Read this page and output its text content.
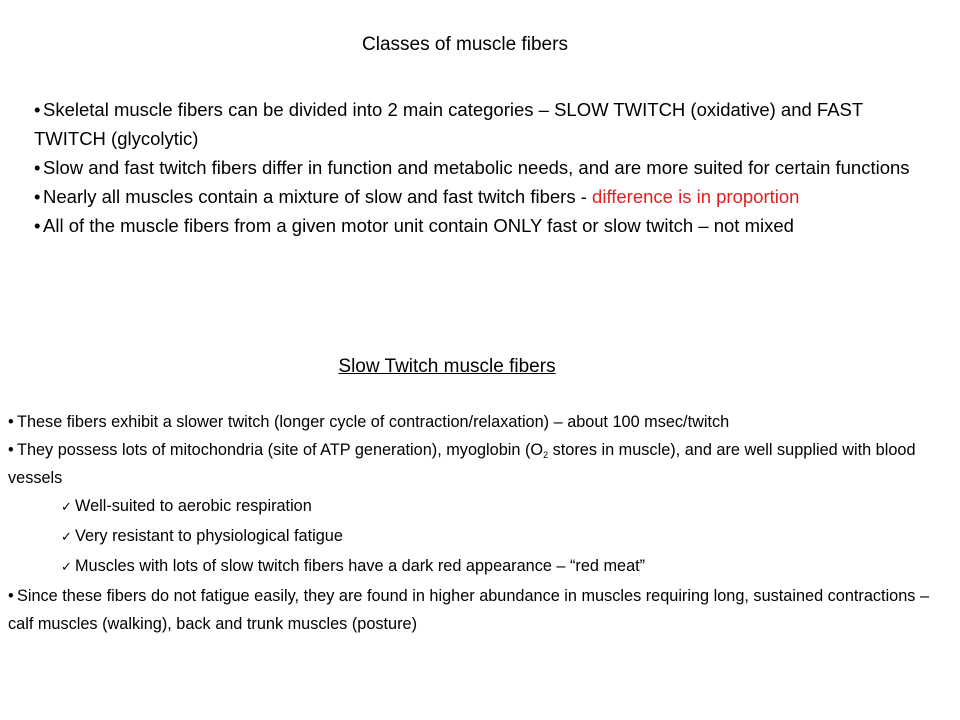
Classes of muscle fibers
• Skeletal muscle fibers can be divided into 2 main categories – SLOW TWITCH (oxidative) and FAST TWITCH (glycolytic)
• Slow and fast twitch fibers differ in function and metabolic needs, and are more suited for certain functions
• Nearly all muscles contain a mixture of slow and fast twitch fibers - difference is in proportion
• All of the muscle fibers from a given motor unit contain ONLY fast or slow twitch – not mixed
Slow Twitch muscle fibers
• These fibers exhibit a slower twitch (longer cycle of contraction/relaxation) – about 100 msec/twitch
• They possess lots of mitochondria (site of ATP generation), myoglobin ($O_2$ stores in muscle), and are well supplied with blood vessels
✓ Well-suited to aerobic respiration
✓ Very resistant to physiological fatigue
✓ Muscles with lots of slow twitch fibers have a dark red appearance – “red meat”
• Since these fibers do not fatigue easily, they are found in higher abundance in muscles requiring long, sustained contractions – calf muscles (walking), back and trunk muscles (posture)
